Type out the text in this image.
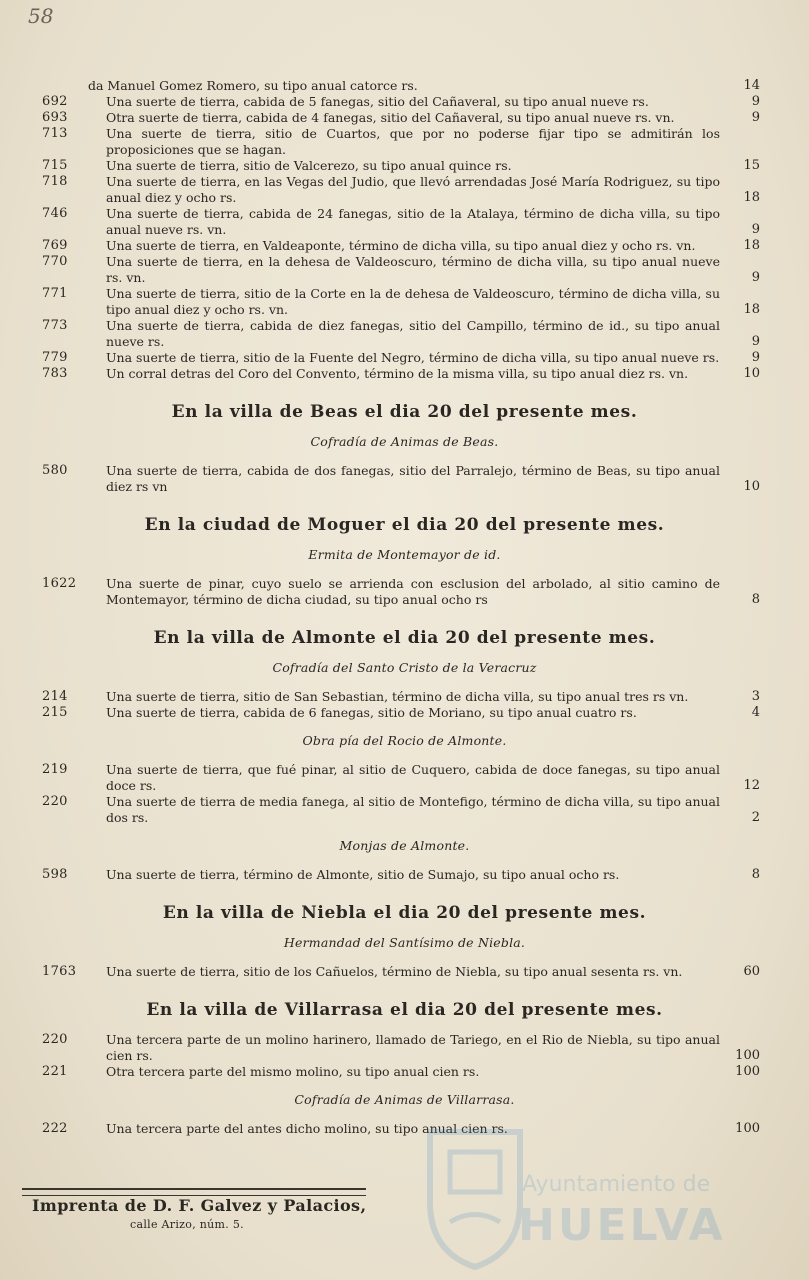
58
da Manuel Gomez Romero, su tipo anual catorce rs.	14
692	Una suerte de tierra, cabida de 5 fanegas, sitio del Cañaveral, su tipo anual nueve rs.	9
693	Otra suerte de tierra, cabida de 4 fanegas, sitio del Cañaveral, su tipo anual nueve rs. vn.	9
713	Una suerte de tierra, sitio de Cuartos, que por no poderse fijar tipo se admitirán los proposiciones que se hagan.
715	Una suerte de tierra, sitio de Valcerezo, su tipo anual quince rs.	15
718	Una suerte de tierra, en las Vegas del Judio, que llevó arrendadas José María Rodriguez, su tipo anual diez y ocho rs.	18
746	Una suerte de tierra, cabida de 24 fanegas, sitio de la Atalaya, término de dicha villa, su tipo anual nueve rs. vn.	9
769	Una suerte de tierra, en Valdeaponte, término de dicha villa, su tipo anual diez y ocho rs. vn.	18
770	Una suerte de tierra, en la dehesa de Valdeoscuro, término de dicha villa, su tipo anual nueve rs. vn.	9
771	Una suerte de tierra, sitio de la Corte en la de dehesa de Valdeoscuro, término de dicha villa, su tipo anual diez y ocho rs. vn.	18
773	Una suerte de tierra, cabida de diez fanegas, sitio del Campillo, término de id., su tipo anual nueve rs.	9
779	Una suerte de tierra, sitio de la Fuente del Negro, término de dicha villa, su tipo anual nueve rs.	9
783	Un corral detras del Coro del Convento, término de la misma villa, su tipo anual diez rs. vn.	10
En la villa de Beas el dia 20 del presente mes.
Cofradía de Animas de Beas.
580	Una suerte de tierra, cabida de dos fanegas, sitio del Parralejo, término de Beas, su tipo anual diez rs vn	10
En la ciudad de Moguer el dia 20 del presente mes.
Ermita de Montemayor de id.
1622	Una suerte de pinar, cuyo suelo se arrienda con esclusion del arbolado, al sitio camino de Montemayor, término de dicha ciudad, su tipo anual ocho rs	8
En la villa de Almonte el dia 20 del presente mes.
Cofradía del Santo Cristo de la Veracruz
214	Una suerte de tierra, sitio de San Sebastian, término de dicha villa, su tipo anual tres rs vn.	3
215	Una suerte de tierra, cabida de 6 fanegas, sitio de Moriano, su tipo anual cuatro rs.	4
Obra pía del Rocio de Almonte.
219	Una suerte de tierra, que fué pinar, al sitio de Cuquero, cabida de doce fanegas, su tipo anual doce rs.	12
220	Una suerte de tierra de media fanega, al sitio de Montefigo, término de dicha villa, su tipo anual dos rs.	2
Monjas de Almonte.
598	Una suerte de tierra, término de Almonte, sitio de Sumajo, su tipo anual ocho rs.	8
En la villa de Niebla el dia 20 del presente mes.
Hermandad del Santísimo de Niebla.
1763	Una suerte de tierra, sitio de los Cañuelos, término de Niebla, su tipo anual sesenta rs. vn.	60
En la villa de Villarrasa el dia 20 del presente mes.
220	Una tercera parte de un molino harinero, llamado de Tariego, en el Rio de Niebla, su tipo anual cien rs.	100
221	Otra tercera parte del mismo molino, su tipo anual cien rs.	100
Cofradía de Animas de Villarrasa.
222	Una tercera parte del antes dicho molino, su tipo anual cien rs.	100
Ayuntamiento de
HUELVA
Imprenta de D. F. Galvez y Palacios,
calle Arizo, núm. 5.
